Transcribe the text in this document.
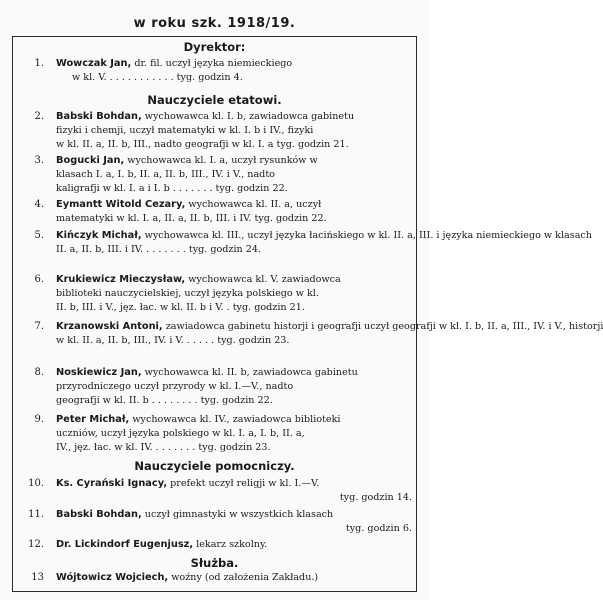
w roku szk. 1918/19.
Dyrektor:
1. Wowczak Jan, dr. fil. uczył języka niemieckiego
w kl. V. . . . . . . . . . . . tyg. godzin 4.
Nauczyciele etatowi.
2. Babski Bohdan, wychowawca kl. I. b, zawiadowca gabinetu
fizyki i chemji, uczył matematyki w kl. I. b i IV., fizyki
w kl. II. a, II. b, III., nadto geografji w kl. I. a tyg. godzin 21.
3. Bogucki Jan, wychowawca kl. I. a, uczył rysunków w
klasach I. a, I. b, II. a, II. b, III., IV. i V., nadto
kaligrafji w kl. I. a i I. b . . . . . . . tyg. godzin 22.
4. Eymantt Witold Cezary, wychowawca kl. II. a, uczył
matematyki w kl. I. a, II. a, II. b, III. i IV. tyg. godzin 22.
5. Kińczyk Michał, wychowawca kl. III., uczył języka łacińskiego w kl. II. a, III. i języka niemieckiego w klasach
II. a, II. b, III. i IV. . . . . . . . tyg. godzin 24.
6. Krukiewicz Mieczysław, wychowawca kl. V. zawiadowca
biblioteki nauczycielskiej, uczył języka polskiego w kl.
II. b, III. i V., jęz. łac. w kl. II. b i V. . tyg. godzin 21.
7. Krzanowski Antoni, zawiadowca gabinetu historji i geografji uczył geografji w kl. I. b, II. a, III., IV. i V., historji
w kl. II. a, II. b, III., IV. i V. . . . . . tyg. godzin 23.
8. Noskiewicz Jan, wychowawca kl. II. b, zawiadowca gabinetu
przyrodniczego uczył przyrody w kl. I.—V., nadto
geografji w kl. II. b . . . . . . . . tyg. godzin 22.
9. Peter Michał, wychowawca kl. IV., zawiadowca biblioteki
uczniów, uczył języka polskiego w kl. I. a, I. b, II. a,
IV., jęz. łac. w kl. IV. . . . . . . . tyg. godzin 23.
Nauczyciele pomocniczy.
10. Ks. Cyrański Ignacy, prefekt uczył religji w kl. I.—V.
tyg. godzin 14.
11. Babski Bohdan, uczył gimnastyki w wszystkich klasach
tyg. godzin 6.
12. Dr. Lickindorf Eugenjusz, lekarz szkolny.
Służba.
13 Wójtowicz Wojciech, woźny (od założenia Zakładu.)
